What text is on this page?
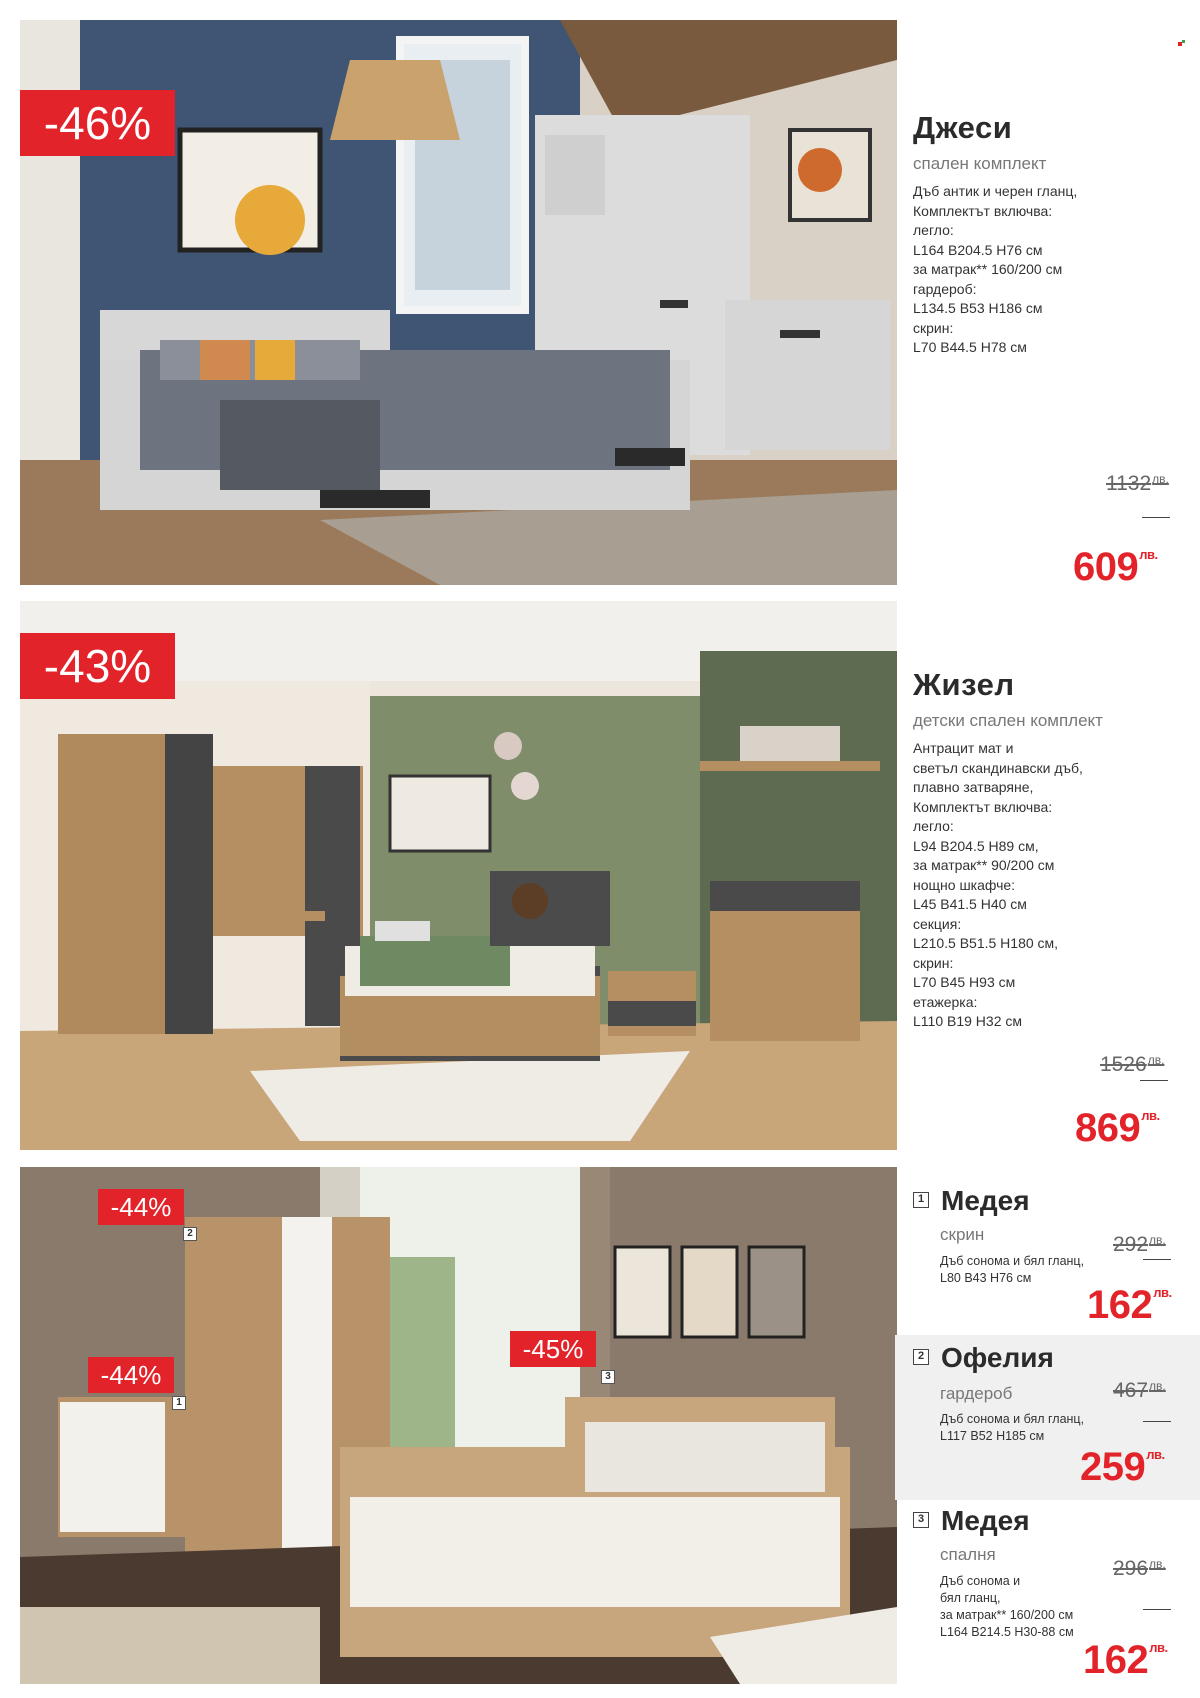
-46%	Джеси
спален комплект
Дъб антик и черен гланц,
Комплектът включва:
легло:
L164 B204.5 H76 см
за матрак** 160/200 см
гардероб:
L134.5 B53 H186 см
скрин:
L70 B44.5 H78 см
$1132^{лв.}$
$609^{лв.}$
-43%	Жизел
детски спален комплект
Антрацит мат и
светъл скандинавски дъб,
плавно затваряне,
Комплектът включва:
легло:
L94 B204.5 H89 см,
за матрак** 90/200 см
нощно шкафче:
L45 B41.5 H40 см
секция:
L210.5 B51.5 H180 см,
скрин:
L70 B45 H93 см
етажерка:
L110 B19 H32 см
$1526^{лв.}$
$869^{лв.}$
-44%
2
-44%
1
-45%
3
1 Медея
скрин
Дъб сонома и бял гланц,
L80 B43 H76 см
$292^{лв.}$
$162^{лв.}$
2 Офелия
гардероб
Дъб сонома и бял гланц,
L117 B52 H185 см
$467^{лв.}$
$259^{лв.}$
3 Медея
спалня
Дъб сонома и
бял гланц,
за матрак** 160/200 см
L164 B214.5 H30-88 см
$296^{лв.}$
$162^{лв.}$
